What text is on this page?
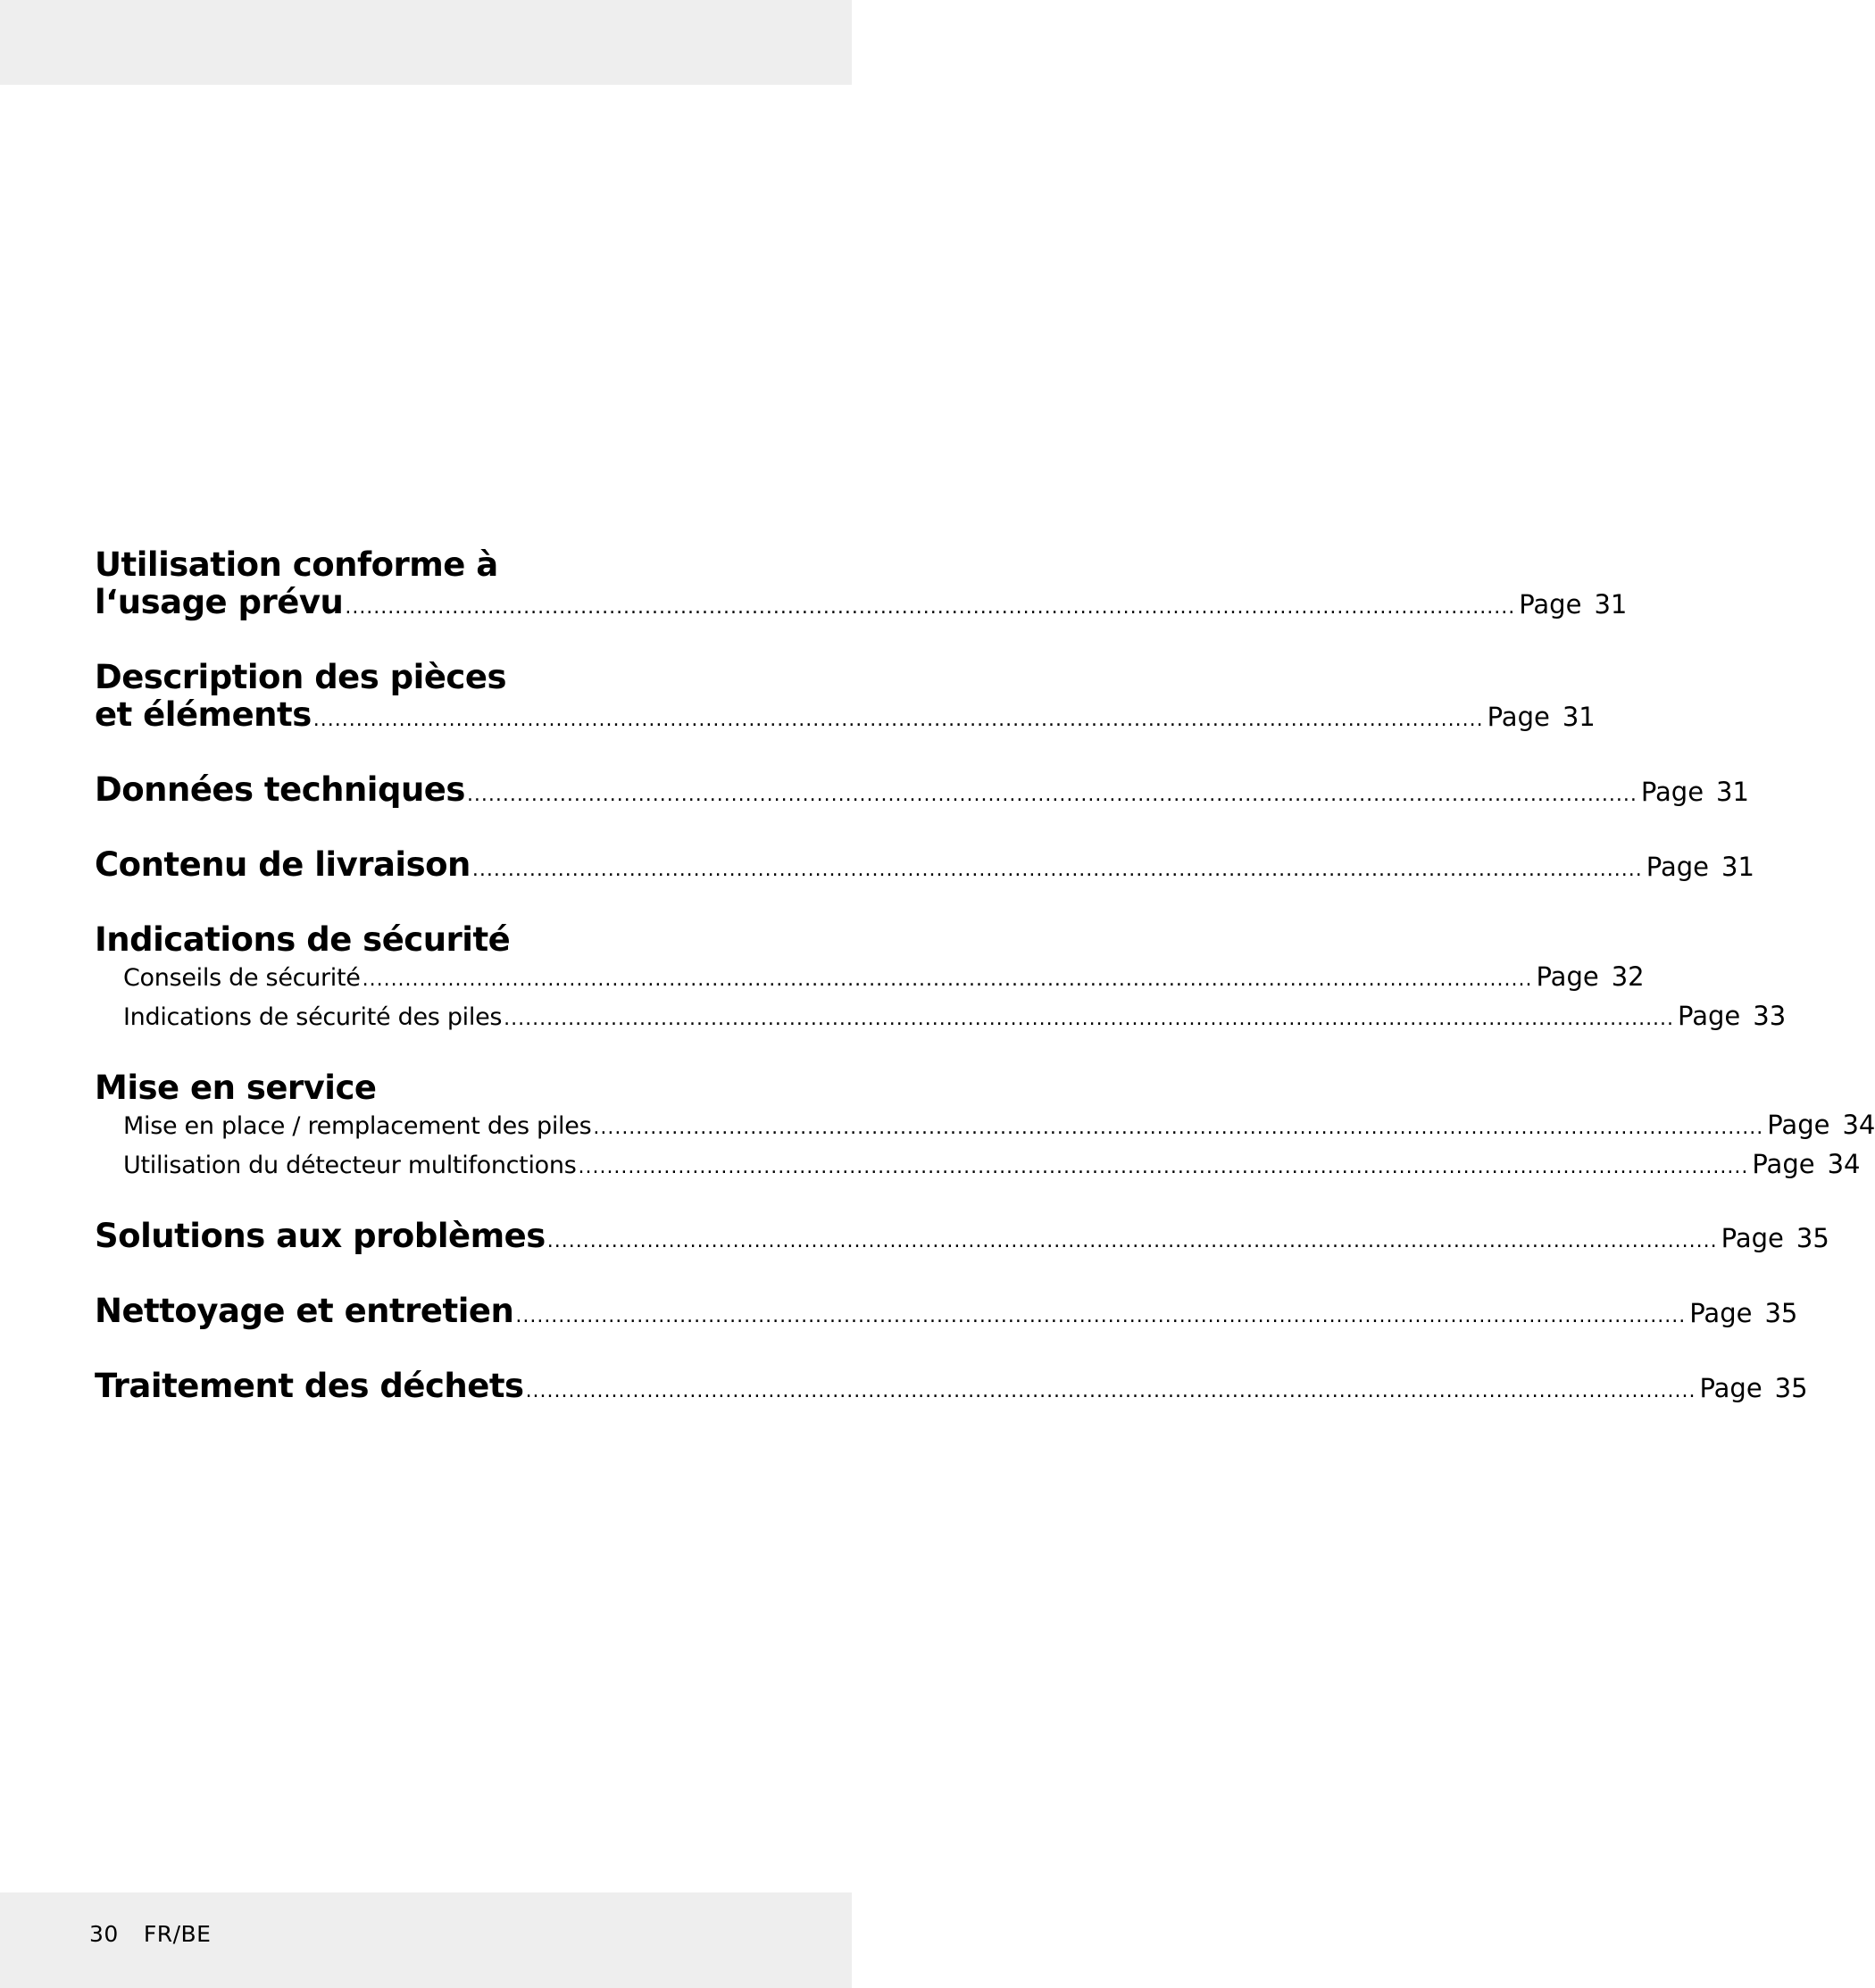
Utilisation conforme à
l‘usage prévu .................................................................................................................................................................... Page 31
Description des pièces
et éléments .................................................................................................................................................................... Page 31
Données techniques .................................................................................................................................................................... Page 31
Contenu de livraison .................................................................................................................................................................... Page 31
Indications de sécurité
Conseils de sécurité .................................................................................................................................................................... Page 32
Indications de sécurité des piles .................................................................................................................................................................... Page 33
Mise en service
Mise en place / remplacement des piles .................................................................................................................................................................... Page 34
Utilisation du détecteur multifonctions .................................................................................................................................................................... Page 34
Solutions aux problèmes .................................................................................................................................................................... Page 35
Nettoyage et entretien .................................................................................................................................................................... Page 35
Traitement des déchets .................................................................................................................................................................... Page 35
30 FR/BE
